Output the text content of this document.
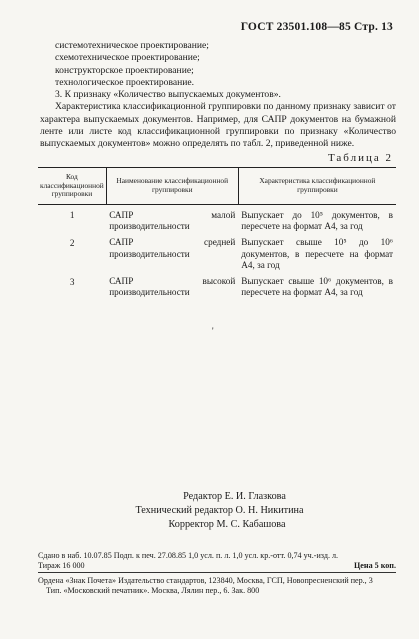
ГОСТ 23501.108—85 Стр. 13
системотехническое проектирование;
схемотехническое проектирование;
конструкторское проектирование;
технологическое проектирование.
3. К признаку «Количество выпускаемых документов».
Характеристика классификационной группировки по данному признаку зависит от характера выпускаемых документов. Например, для САПР документов на бумажной ленте или листе код классификационной группировки по признаку «Количество выпускаемых документов» можно определять по табл. 2, приведенной ниже.
Таблица 2
Код классификационной группировки	Наименование классификационной группировки	Характеристика классификационной группировки
1	САПР малой производительности	Выпускает до 10⁵ документов, в пересчете на формат А4, за год
2	САПР средней производительности	Выпускает свыше 10⁵ до 10⁶ документов, в пересчете на формат А4, за год
3	САПР высокой производительности	Выпускает свыше 10⁶ документов, в пересчете на формат А4, за год
'
Редактор Е. И. Глазкова
Технический редактор О. Н. Никитина
Корректор М. С. Кабашова
Сдано в наб. 10.07.85 Подп. к печ. 27.08.85 1,0 усл. п. л. 1,0 усл. кр.-отт. 0,74 уч.-изд. л.
Тираж 16 000	Цена 5 коп.
Ордена «Знак Почета» Издательство стандартов, 123840, Москва, ГСП, Новопресненский пер., 3
Тип. «Московский печатник». Москва, Лялин пер., 6. Зак. 800
